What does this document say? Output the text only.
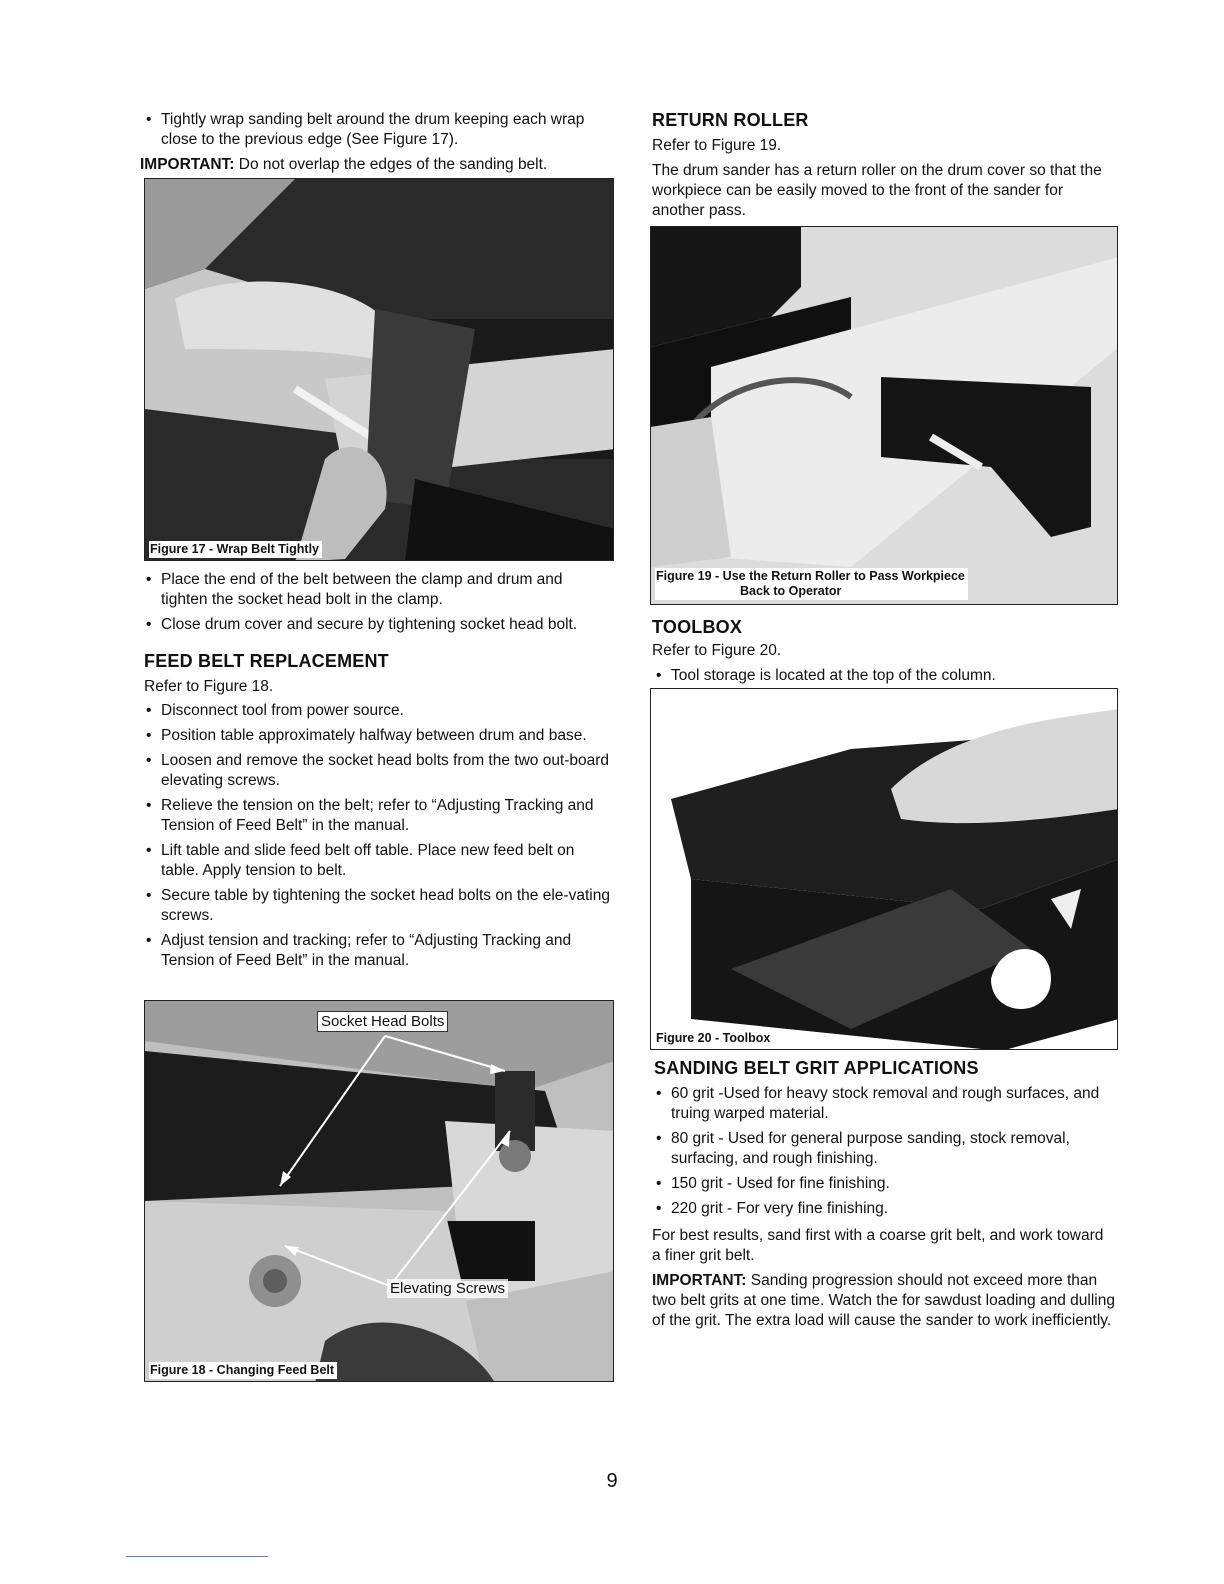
• Tightly wrap sanding belt around the drum keeping each wrap close to the previous edge (See Figure 17).

IMPORTANT: Do not overlap the edges of the sanding belt.

Figure 17 - Wrap Belt Tightly
• Place the end of the belt between the clamp and drum and tighten the socket head bolt in the clamp.
• Close drum cover and secure by tightening socket head bolt.
FEED BELT REPLACEMENT

Refer to Figure 18.

• Disconnect tool from power source.
• Position table approximately halfway between drum and base.
• Loosen and remove the socket head bolts from the two out-board elevating screws.
• Relieve the tension on the belt; refer to “Adjusting Tracking and Tension of Feed Belt” in the manual.
• Lift table and slide feed belt off table. Place new feed belt on table. Apply tension to belt.
• Secure table by tightening the socket head bolts on the ele-vating screws.
• Adjust tension and tracking; refer to “Adjusting Tracking and Tension of Feed Belt” in the manual.
Socket Head Bolts
Elevating Screws
Figure 18 - Changing Feed Belt
RETURN ROLLER

Refer to Figure 19.

The drum sander has a return roller on the drum cover so that the workpiece can be easily moved to the front of the sander for another pass.

Figure 19 - Use the Return Roller to Pass Workpiece
Back to Operator
TOOLBOX

Refer to Figure 20.

• Tool storage is located at the top of the column.
Figure 20 - Toolbox
SANDING BELT GRIT APPLICATIONS
• 60 grit -Used for heavy stock removal and rough surfaces, and truing warped material.
• 80 grit - Used for general purpose sanding, stock removal, surfacing, and rough finishing.
• 150 grit - Used for fine finishing.
• 220 grit - For very fine finishing.

For best results, sand first with a coarse grit belt, and work toward a finer grit belt.

IMPORTANT: Sanding progression should not exceed more than two belt grits at one time. Watch the for sawdust loading and dulling of the grit. The extra load will cause the sander to work inefficiently.

9
